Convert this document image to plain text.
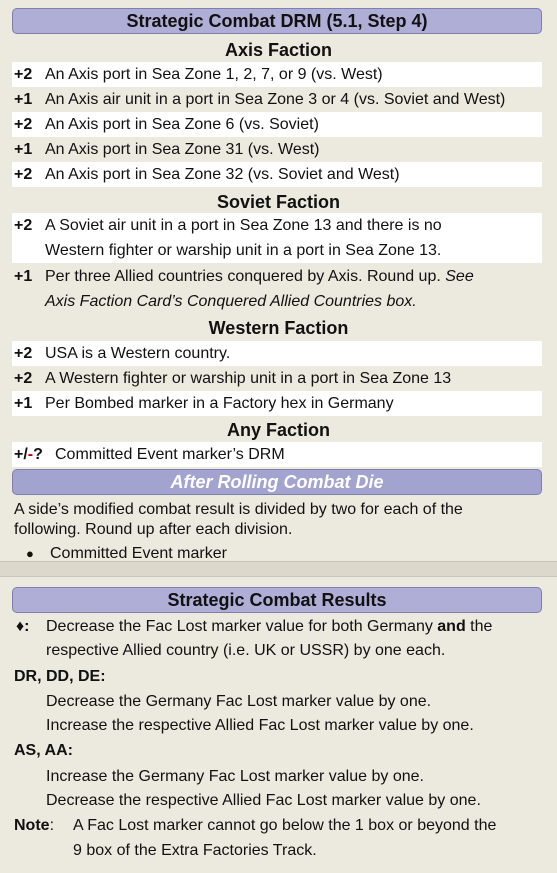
Strategic Combat DRM (5.1, Step 4)
Axis Faction
+2 An Axis port in Sea Zone 1, 2, 7, or 9 (vs. West)
+1 An Axis air unit in a port in Sea Zone 3 or 4 (vs. Soviet and West)
+2 An Axis port in Sea Zone 6 (vs. Soviet)
+1 An Axis port in Sea Zone 31 (vs. West)
+2 An Axis port in Sea Zone 32 (vs. Soviet and West)
Soviet Faction
+2 A Soviet air unit in a port in Sea Zone 13 and there is no
Western fighter or warship unit in a port in Sea Zone 13.
+1 Per three Allied countries conquered by Axis. Round up. See
Axis Faction Card’s Conquered Allied Countries box.
Western Faction
+2 USA is a Western country.
+2 A Western fighter or warship unit in a port in Sea Zone 13
+1 Per Bombed marker in a Factory hex in Germany
Any Faction
+/-? Committed Event marker’s DRM
After Rolling Combat Die
A side’s modified combat result is divided by two for each of the
following. Round up after each division.
● Committed Event marker
Strategic Combat Results
♦: Decrease the Fac Lost marker value for both Germany and the
respective Allied country (i.e. UK or USSR) by one each.
DR, DD, DE:
Decrease the Germany Fac Lost marker value by one.
Increase the respective Allied Fac Lost marker value by one.
AS, AA:
Increase the Germany Fac Lost marker value by one.
Decrease the respective Allied Fac Lost marker value by one.
Note: A Fac Lost marker cannot go below the 1 box or beyond the
9 box of the Extra Factories Track.
